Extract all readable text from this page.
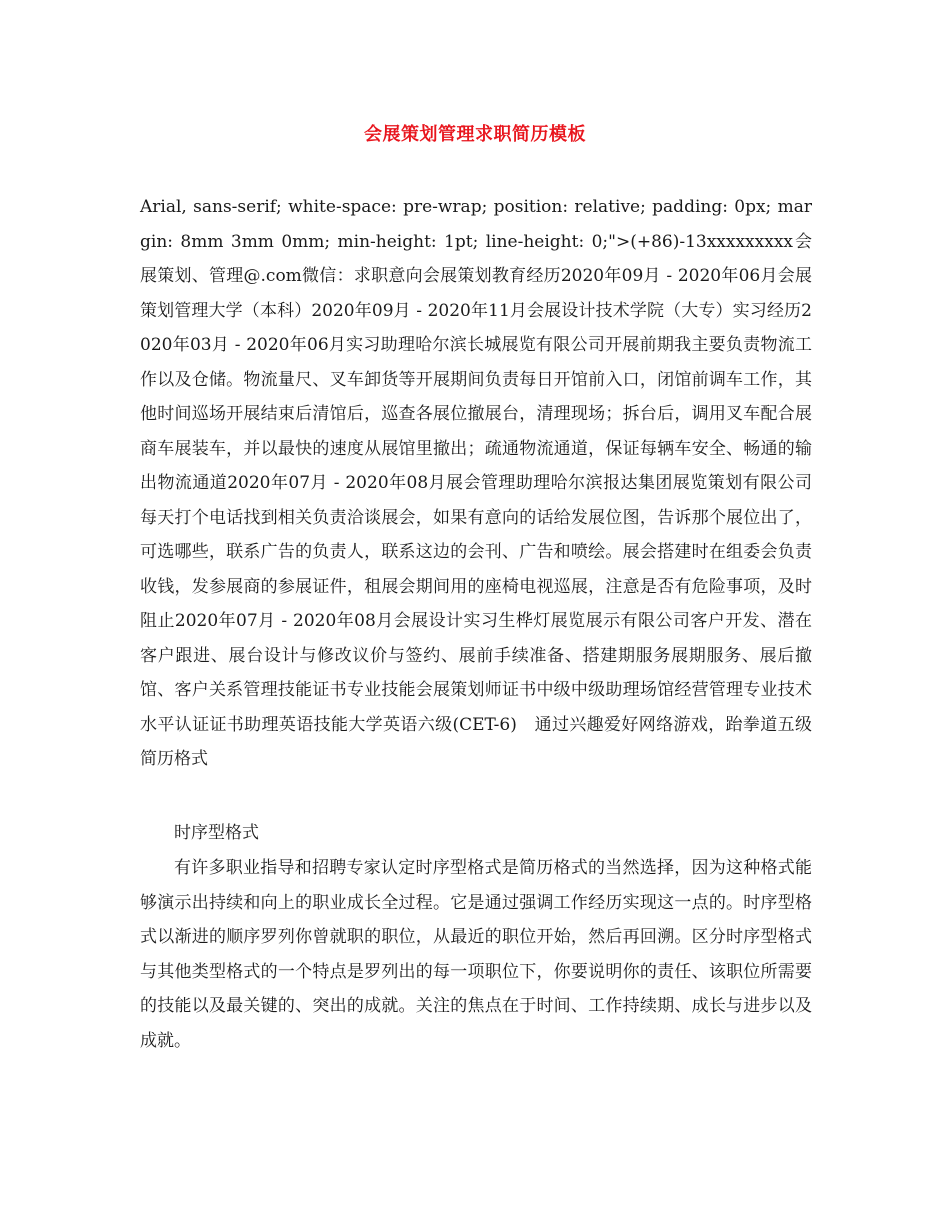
会展策划管理求职简历模板

Arial, sans-serif; white-space: pre-wrap; position: relative; padding: 0px; margin: 8mm 3mm 0mm; min-height: 1pt; line-height: 0;">(+86)-13xxxxxxxxx会展策划、管理@.com微信：求职意向会展策划教育经历2020年09月 - 2020年06月会展策划管理大学（本科）2020年09月 - 2020年11月会展设计技术学院（大专）实习经历2020年03月 - 2020年06月实习助理哈尔滨长城展览有限公司开展前期我主要负责物流工作以及仓储。物流量尺、叉车卸货等开展期间负责每日开馆前入口，闭馆前调车工作，其他时间巡场开展结束后清馆后，巡查各展位撤展台，清理现场；拆台后，调用叉车配合展商车展装车，并以最快的速度从展馆里撤出；疏通物流通道，保证每辆车安全、畅通的输出物流通道2020年07月 - 2020年08月展会管理助理哈尔滨报达集团展览策划有限公司每天打个电话找到相关负责洽谈展会，如果有意向的话给发展位图，告诉那个展位出了，可选哪些，联系广告的负责人，联系这边的会刊、广告和喷绘。展会搭建时在组委会负责收钱，发参展商的参展证件，租展会期间用的座椅电视巡展，注意是否有危险事项，及时阻止2020年07月 - 2020年08月会展设计实习生桦灯展览展示有限公司客户开发、潜在客户跟进、展台设计与修改议价与签约、展前手续准备、搭建期服务展期服务、展后撤馆、客户关系管理技能证书专业技能会展策划师证书中级中级助理场馆经营管理专业技术水平认证证书助理英语技能大学英语六级(CET-6)　通过兴趣爱好网络游戏，跆拳道五级　　简历格式

时序型格式

有许多职业指导和招聘专家认定时序型格式是简历格式的当然选择，因为这种格式能够演示出持续和向上的职业成长全过程。它是通过强调工作经历实现这一点的。时序型格式以渐进的顺序罗列你曾就职的职位，从最近的职位开始，然后再回溯。区分时序型格式与其他类型格式的一个特点是罗列出的每一项职位下，你要说明你的责任、该职位所需要的技能以及最关键的、突出的成就。关注的焦点在于时间、工作持续期、成长与进步以及成就。
